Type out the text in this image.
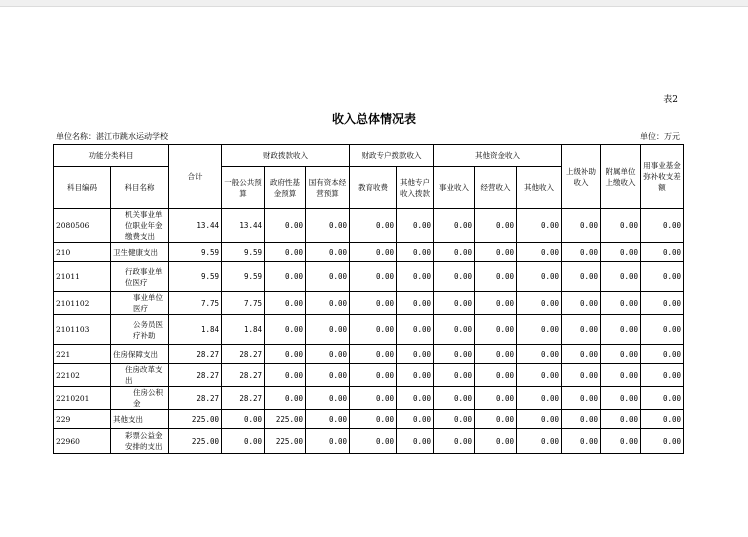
表2
收入总体情况表
单位名称：湛江市跳水运动学校	单位：万元
功能分类科目		合计	财政拨款收入			财政专户拨款收入		其他资金收入			上级补助收入	附属单位上缴收入	用事业基金弥补收支差额
科目编码	科目名称		一般公共预算	政府性基金预算	国有资本经营预算	教育收费	其他专户收入拨款	事业收入	经营收入	其他收入			

2080506	机关事业单位职业年金缴费支出	13.44	13.44	0.00	0.00	0.00	0.00	0.00	0.00	0.00	0.00	0.00	0.00
210	卫生健康支出	9.59	9.59	0.00	0.00	0.00	0.00	0.00	0.00	0.00	0.00	0.00	0.00
21011	行政事业单位医疗	9.59	9.59	0.00	0.00	0.00	0.00	0.00	0.00	0.00	0.00	0.00	0.00
2101102	事业单位医疗	7.75	7.75	0.00	0.00	0.00	0.00	0.00	0.00	0.00	0.00	0.00	0.00
2101103	公务员医疗补助	1.84	1.84	0.00	0.00	0.00	0.00	0.00	0.00	0.00	0.00	0.00	0.00
221	住房保障支出	28.27	28.27	0.00	0.00	0.00	0.00	0.00	0.00	0.00	0.00	0.00	0.00
22102	住房改革支出	28.27	28.27	0.00	0.00	0.00	0.00	0.00	0.00	0.00	0.00	0.00	0.00
2210201	住房公积金	28.27	28.27	0.00	0.00	0.00	0.00	0.00	0.00	0.00	0.00	0.00	0.00
229	其他支出	225.00	0.00	225.00	0.00	0.00	0.00	0.00	0.00	0.00	0.00	0.00	0.00
22960	彩票公益金安排的支出	225.00	0.00	225.00	0.00	0.00	0.00	0.00	0.00	0.00	0.00	0.00	0.00
